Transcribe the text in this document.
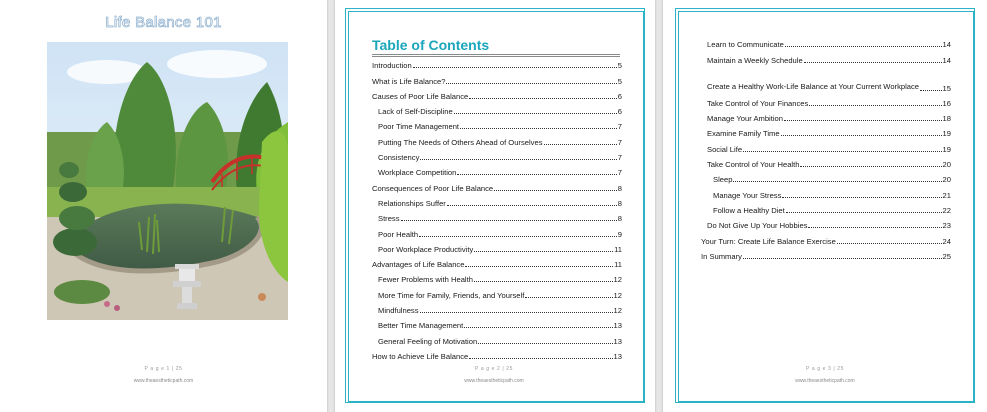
Life Balance 101
P a g e 1 | 25
www.theaestheticpath.com
Table of Contents
Introduction	5
What is Life Balance?	5
Causes of Poor Life Balance	6
Lack of Self-Discipline	6
Poor Time Management	7
Putting The Needs of Others Ahead of Ourselves	7
Consistency	7
Workplace Competition	7
Consequences of Poor Life Balance	8
Relationships Suffer	8
Stress	8
Poor Health	9
Poor Workplace Productivity	11
Advantages of Life Balance	11
Fewer Problems with Health	12
More Time for Family, Friends, and Yourself	12
Mindfulness	12
Better Time Management	13
General Feeling of Motivation	13
How to Achieve Life Balance	13
P a g e 2 | 25
www.theaestheticpath.com
Learn to Communicate	14
Maintain a Weekly Schedule	14
Create a Healthy Work-Life Balance at Your Current Workplace	15
Take Control of Your Finances	16
Manage Your Ambition	18
Examine Family Time	19
Social Life	19
Take Control of Your Health	20
Sleep	20
Manage Your Stress	21
Follow a Healthy Diet	22
Do Not Give Up Your Hobbies	23
Your Turn: Create Life Balance Exercise	24
In Summary	25
P a g e 3 | 25
www.theaestheticpath.com
